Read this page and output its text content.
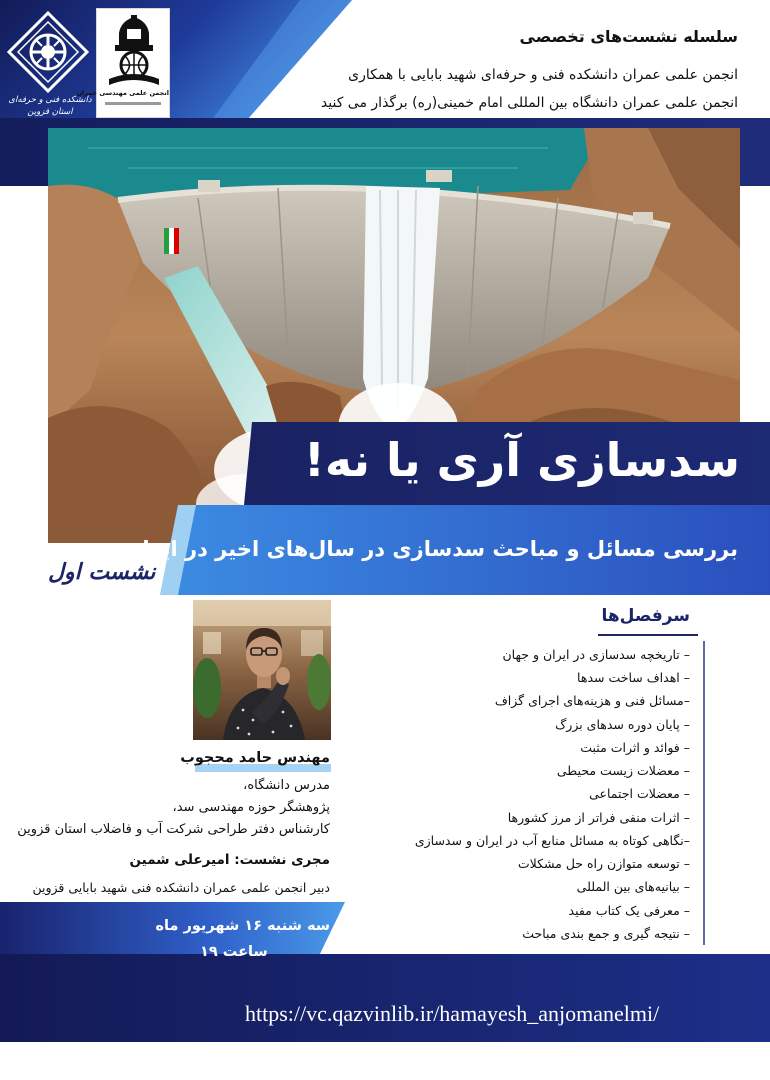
سلسله نشست‌های تخصصی
انجمن علمی عمران دانشکده فنی و حرفه‌ای شهید بابایی با همکاری
انجمن علمی عمران دانشگاه بین المللی امام خمینی(ره) برگذار می کنید
دانشکده فنی و حرفه‌ای
استان قزوین
انجمن علمی مهندسی عمران
سدسازی آری یا نه!
بررسی مسائل و مباحث سدسازی در سال‌های اخیر در ایران
نشست اول
مهندس حامد محجوب
مدرس دانشگاه،
پژوهشگر حوزه مهندسی سد،
کارشناس دفتر طراحی شرکت آب و فاضلاب استان قزوین
مجری نشست: امیرعلی شمین
دبیر انجمن علمی عمران دانشکده فنی شهید بابایی قزوین
سرفصل‌ها
– تاریخچه سدسازی در ایران و جهان
– اهداف ساخت سدها
–مسائل فنی و هزینه‌های اجرای گزاف
– پایان دوره سدهای بزرگ
– فوائد و اثرات مثبت
– معضلات زیست محیطی
– معضلات اجتماعی
– اثرات منفی فراتر از مرز کشورها
–نگاهی کوتاه به مسائل منابع آب در ایران و سدسازی
– توسعه متوازن راه حل مشکلات
– بیانیه‌های بین المللی
– معرفی یک کتاب مفید
– نتیجه گیری و جمع بندی مباحث
سه شنبه ۱۶ شهریور ماه
ساعت ۱۹
https://vc.qazvinlib.ir/hamayesh_anjomanelmi/
